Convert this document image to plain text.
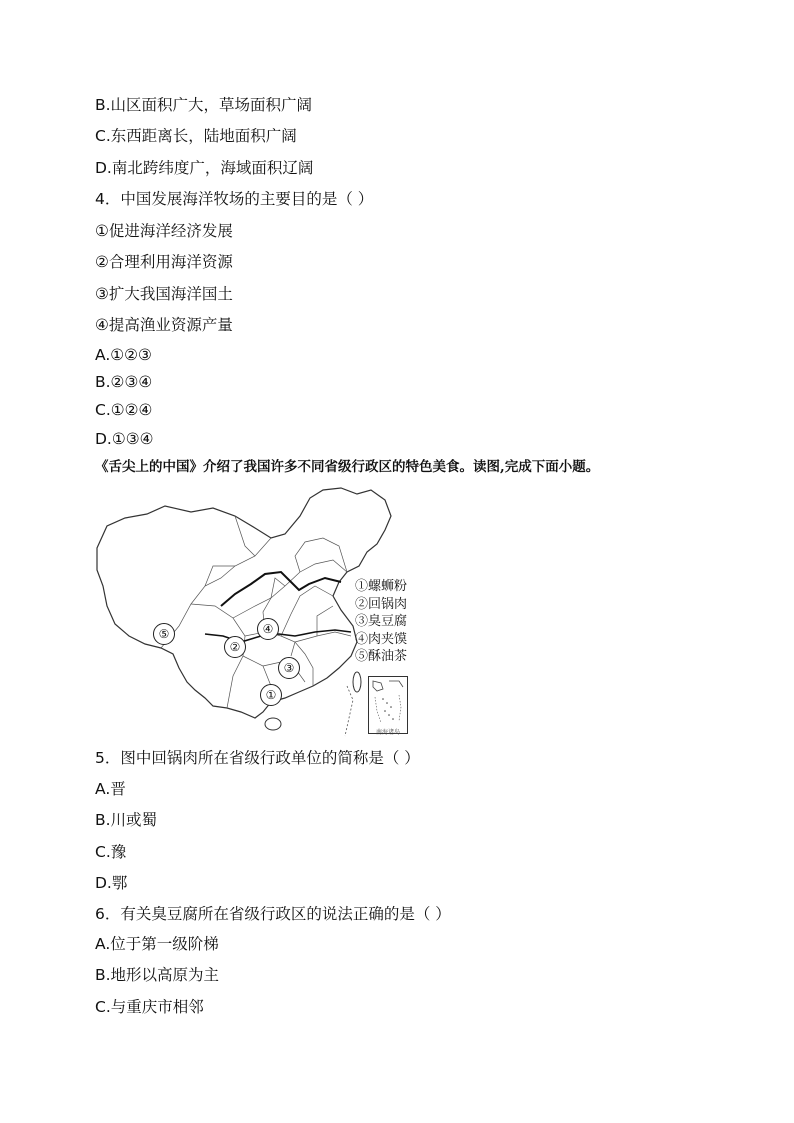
B.山区面积广大，草场面积广阔
C.东西距离长，陆地面积广阔
D.南北跨纬度广，海域面积辽阔
4．中国发展海洋牧场的主要目的是（ ）
①促进海洋经济发展
②合理利用海洋资源
③扩大我国海洋国土
④提高渔业资源产量
A.①②③
B.②③④
C.①②④
D.①③④
《舌尖上的中国》介绍了我国许多不同省级行政区的特色美食。读图,完成下面小题。
⑤
②
④
③
①
①螺蛳粉
②回锅肉
③臭豆腐
④肉夹馍
⑤酥油茶
南海诸岛
5．图中回锅肉所在省级行政单位的简称是（ ）
A.晋
B.川或蜀
C.豫
D.鄂
6．有关臭豆腐所在省级行政区的说法正确的是（ ）
A.位于第一级阶梯
B.地形以高原为主
C.与重庆市相邻
